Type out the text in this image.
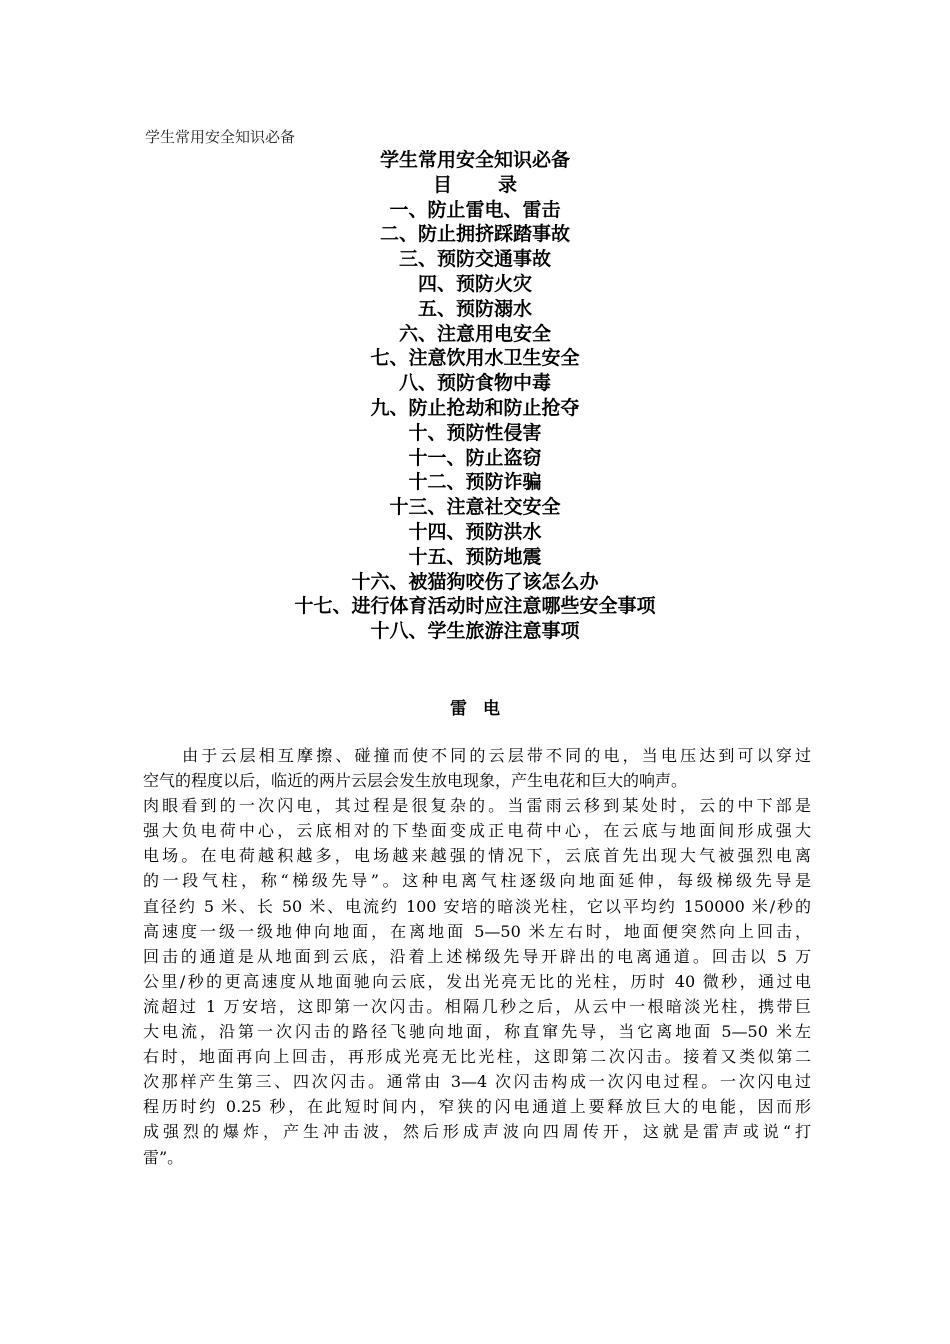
学生常用安全知识必备
学生常用安全知识必备
目 录
一、防止雷电、雷击
二、防止拥挤踩踏事故
三、预防交通事故
四、预防火灾
五、预防溺水
六、注意用电安全
七、注意饮用水卫生安全
八、预防食物中毒
九、防止抢劫和防止抢夺
十、预防性侵害
十一、防止盗窃
十二、预防诈骗
十三、注意社交安全
十四、预防洪水
十五、预防地震
十六、被猫狗咬伤了该怎么办
十七、进行体育活动时应注意哪些安全事项
十八、学生旅游注意事项
雷 电
由于云层相互摩擦、碰撞而使不同的云层带不同的电，当电压达到可以穿过
空气的程度以后，临近的两片云层会发生放电现象，产生电花和巨大的响声。
肉眼看到的一次闪电，其过程是很复杂的。当雷雨云移到某处时，云的中下部是
强大负电荷中心，云底相对的下垫面变成正电荷中心，在云底与地面间形成强大
电场。在电荷越积越多，电场越来越强的情况下，云底首先出现大气被强烈电离
的一段气柱，称“梯级先导”。这种电离气柱逐级向地面延伸，每级梯级先导是
直径约 5 米、长 50 米、电流约 100 安培的暗淡光柱，它以平均约 150000 米/秒的
高速度一级一级地伸向地面，在离地面 5—50 米左右时，地面便突然向上回击，
回击的通道是从地面到云底，沿着上述梯级先导开辟出的电离通道。回击以 5 万
公里/秒的更高速度从地面驰向云底，发出光亮无比的光柱，历时 40 微秒，通过电
流超过 1 万安培，这即第一次闪击。相隔几秒之后，从云中一根暗淡光柱，携带巨
大电流，沿第一次闪击的路径飞驰向地面，称直窜先导，当它离地面 5—50 米左
右时，地面再向上回击，再形成光亮无比光柱，这即第二次闪击。接着又类似第二
次那样产生第三、四次闪击。通常由 3—4 次闪击构成一次闪电过程。一次闪电过
程历时约 0.25 秒，在此短时间内，窄狭的闪电通道上要释放巨大的电能，因而形
成强烈的爆炸，产生冲击波，然后形成声波向四周传开，这就是雷声或说“打
雷”。
